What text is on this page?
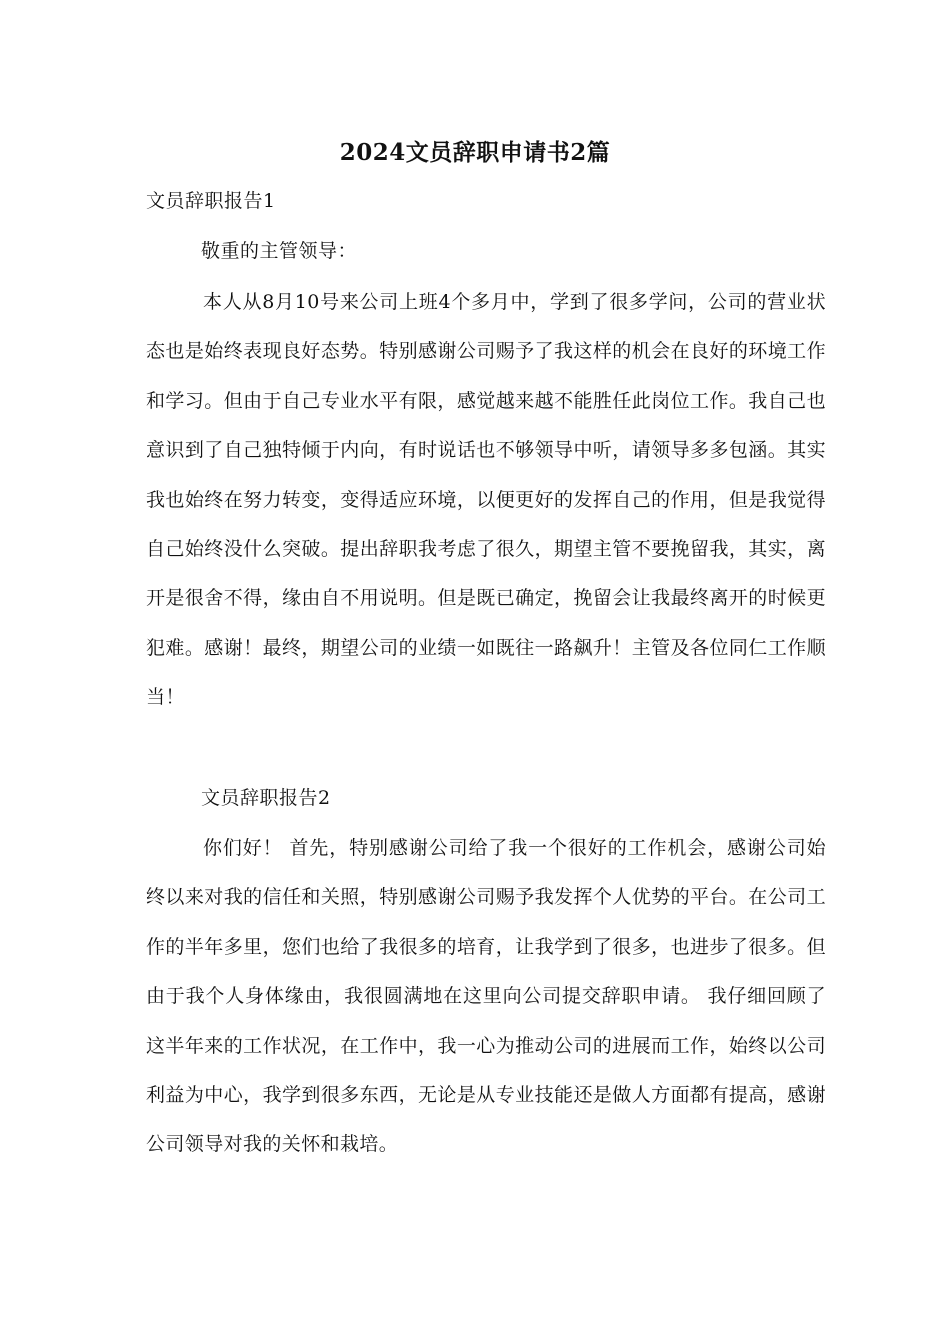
2024文员辞职申请书2篇
文员辞职报告1
敬重的主管领导：

本人从8月10号来公司上班4个多月中，学到了很多学问，公司的营业状态也是始终表现良好态势。特别感谢公司赐予了我这样的机会在良好的环境工作和学习。但由于自己专业水平有限，感觉越来越不能胜任此岗位工作。我自己也意识到了自己独特倾于内向，有时说话也不够领导中听，请领导多多包涵。其实我也始终在努力转变，变得适应环境，以便更好的发挥自己的作用，但是我觉得自己始终没什么突破。提出辞职我考虑了很久，期望主管不要挽留我，其实，离开是很舍不得，缘由自不用说明。但是既已确定，挽留会让我最终离开的时候更犯难。感谢！最终，期望公司的业绩一如既往一路飙升！主管及各位同仁工作顺当！

文员辞职报告2

你们好！ 首先，特别感谢公司给了我一个很好的工作机会，感谢公司始终以来对我的信任和关照，特别感谢公司赐予我发挥个人优势的平台。在公司工作的半年多里，您们也给了我很多的培育，让我学到了很多，也进步了很多。但由于我个人身体缘由，我很圆满地在这里向公司提交辞职申请。 我仔细回顾了这半年来的工作状况，在工作中，我一心为推动公司的进展而工作，始终以公司利益为中心，我学到很多东西，无论是从专业技能还是做人方面都有提高，感谢公司领导对我的关怀和栽培。
